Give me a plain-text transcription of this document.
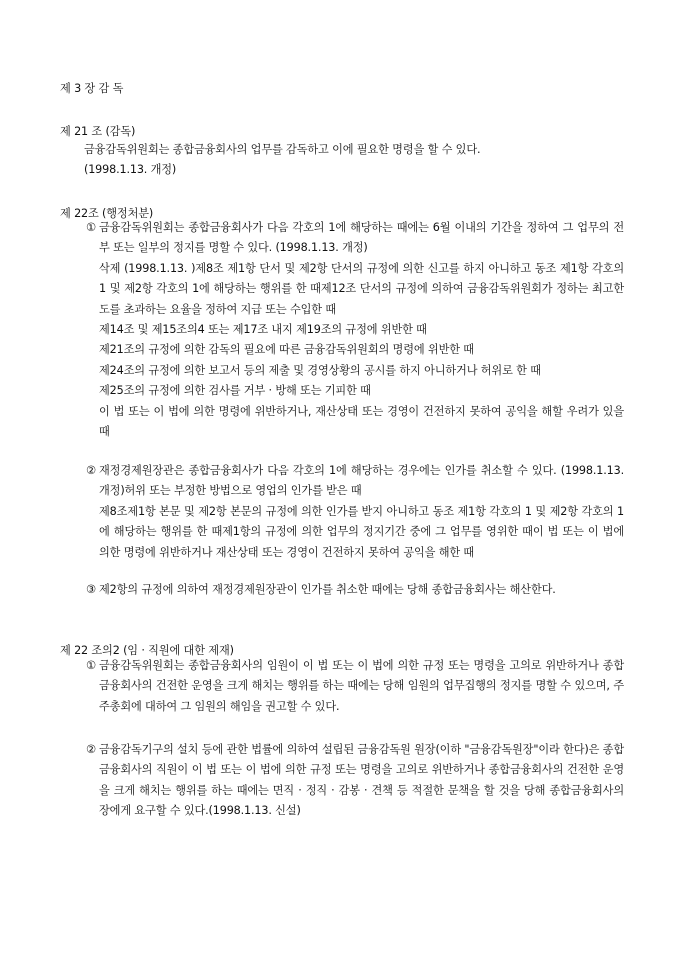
제 3 장 감 독
제 21 조 (감독)
금융감독위원회는 종합금융회사의 업무를 감독하고 이에 필요한 명령을 할 수 있다.
(1998.1.13. 개정)
제 22조 (행정처분)
① 금융감독위원회는 종합금융회사가 다음 각호의 1에 해당하는 때에는 6월 이내의 기간을 정하여 그 업무의 전부 또는 일부의 정지를 명할 수 있다. (1998.1.13. 개정)
삭제 (1998.1.13. )제8조 제1항 단서 및 제2항 단서의 규정에 의한 신고를 하지 아니하고 동조 제1항 각호의 1 및 제2항 각호의 1에 해당하는 행위를 한 때제12조 단서의 규정에 의하여 금융감독위원회가 정하는 최고한도를 초과하는 요율을 정하여 지급 또는 수입한 때
제14조 및 제15조의4 또는 제17조 내지 제19조의 규정에 위반한 때
제21조의 규정에 의한 감독의 필요에 따른 금융감독위원회의 명령에 위반한 때
제24조의 규정에 의한 보고서 등의 제출 및 경영상황의 공시를 하지 아니하거나 허위로 한 때
제25조의 규정에 의한 검사를 거부 · 방해 또는 기피한 때
이 법 또는 이 법에 의한 명령에 위반하거나, 재산상태 또는 경영이 건전하지 못하여 공익을 해할 우려가 있을 때
② 재정경제원장관은 종합금융회사가 다음 각호의 1에 해당하는 경우에는 인가를 취소할 수 있다. (1998.1.13. 개정)허위 또는 부정한 방법으로 영업의 인가를 받은 때
제8조제1항 본문 및 제2항 본문의 규정에 의한 인가를 받지 아니하고 동조 제1항 각호의 1 및 제2항 각호의 1에 해당하는 행위를 한 때제1항의 규정에 의한 업무의 정지기간 중에 그 업무를 영위한 때이 법 또는 이 법에 의한 명령에 위반하거나 재산상태 또는 경영이 건전하지 못하여 공익을 해한 때
③ 제2항의 규정에 의하여 재정경제원장관이 인가를 취소한 때에는 당해 종합금융회사는 해산한다.
제 22 조의2 (임 · 직원에 대한 제재)
① 금융감독위원회는 종합금융회사의 임원이 이 법 또는 이 법에 의한 규정 또는 명령을 고의로 위반하거나 종합금융회사의 건전한 운영을 크게 해치는 행위를 하는 때에는 당해 임원의 업무집행의 정지를 명할 수 있으며, 주주총회에 대하여 그 임원의 해임을 권고할 수 있다.
② 금융감독기구의 설치 등에 관한 법률에 의하여 설립된 금융감독원 원장(이하 "금융감독원장"이라 한다)은 종합금융회사의 직원이 이 법 또는 이 법에 의한 규정 또는 명령을 고의로 위반하거나 종합금융회사의 건전한 운영을 크게 해치는 행위를 하는 때에는 면직 · 정직 · 감봉 · 견책 등 적절한 문책을 할 것을 당해 종합금융회사의 장에게 요구할 수 있다.(1998.1.13. 신설)
